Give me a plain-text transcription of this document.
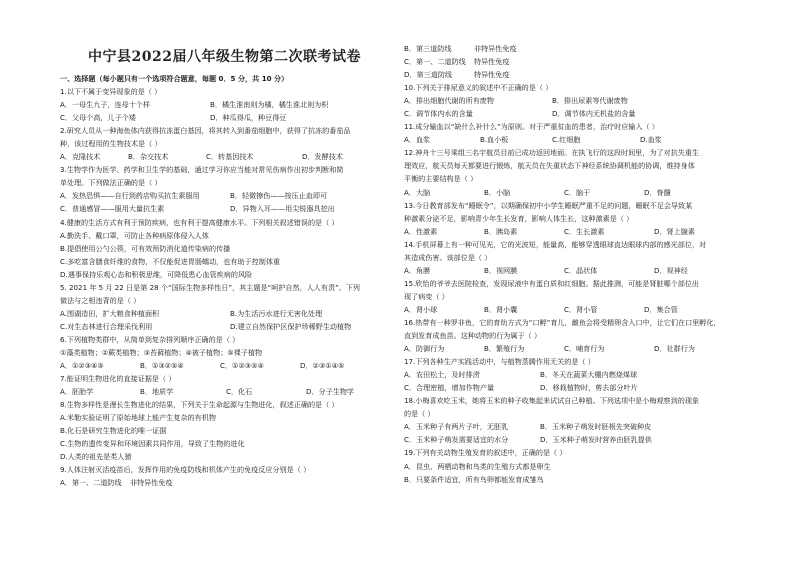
中宁县2022届八年级生物第二次联考试卷
一、选择题（每小题只有一个选项符合题意，每题 0．5 分，共 10 分）
1.以下不属于变异现象的是（ ）
A．一母生九子，连母十个样	B．橘生淮南则为橘，橘生淮北则为枳
C．父母个高，儿子个矮	D．种瓜得瓜，种豆得豆
2.研究人员从一种海鱼体内获得抗冻蛋白基因，将其转入到番茄细胞中，获得了抗冻的番茄品
种，该过程用的生物技术是（ ）
A．克隆技术	B．杂交技术	C．转基因技术	D．发酵技术
3.生物学作为医学、药学和卫生学的基础，通过学习你应当能对常见伤病作出初步判断和简
单处理。下列做法正确的是（ ）
A．发热恐惧——自行到药店购买抗生素服用	B．轻微擦伤——按压止血即可
C．普通感冒——服用大量抗生素	D．异物入耳——用尖锐器具挖出
4.健康的生活方式有利于预防疾病，也有利于提高健康水平。下列相关叙述错误的是（ ）
A.勤洗手、戴口罩，可防止各种病原体侵入人体
B.提倡使用公勺公筷，可有效预防消化道传染病的传播
C.多吃富含膳食纤维的食物，不仅能促进胃肠蠕动，也有助于控制体重
D.遇事保持乐观心态和积极思维，可降低患心血管疾病的风险
5. 2021 年 5 月 22 日是第 28 个“国际生物多样性日”，其主题是“呵护自然，人人有责”。下列
做法与之相违背的是（ ）
A.围湖造田，扩大粮食种植面积	B.为生活污水进行无害化处理
C.对生态林进行合理采伐利用	D.建立自然保护区保护珍稀野生动植物
6.下列植物类群中，从简单到复杂排列顺序正确的是（ ）
①藻类植物；②蕨类植物；③苔藓植物；④被子植物；⑤裸子植物
A．①②③④⑤	B．①③②⑤④	C．①②③⑤④	D．②③①④⑤
7.能证明生物进化的直接证据是（ ）
A．胚胎学	B．地质学	C．化石	D．分子生物学
8.生物多样性是漫长生物进化的结果，下列关于生命起源与生物进化，叙述正确的是（ ）
A.米勒实验证明了原始地球上能产生复杂的有机物
B.化石是研究生物进化的唯一证据
C.生物的遗传变异和环境因素共同作用，导致了生物的进化
D.人类的祖先是类人猿
9.人体注射灭活疫苗后，发挥作用的免疫防线和机体产生的免疫反应分别是（ ）
A．第一、二道防线	非特异性免疫
B．第三道防线	非特异性免疫
C．第一、二道防线	特异性免疫
D．第三道防线	特异性免疫
10.下列关于排尿意义的叙述中不正确的是（ ）
A．排出细胞代谢的所有废物	B．排出尿素等代谢废物
C．调节体内水的含量	D．调节体内无机盐的含量
11.成分输血以“缺什么补什么”为原则。对于严重贫血的患者，治疗时应输入（ ）
A．血浆	B.血小板	C.红细胞	D.血浆
12.神舟十三号乘组三名宇航员目前已成功返回地面。在执飞行的这段时间里，为了对抗失重生
理效应，航天员每天都要进行锻炼，航天员在失重状态下神经系统协调机能的协调，维持身体
平衡的主要结构是（ ）
A．大脑	B．小脑	C．脑干	D．脊髓
13.今日教育部发布“睡眠令”，以期确保初中小学生睡眠严重不足的问题，睡眠不足会导致某
种激素分泌不足，影响青少年生长发育，影响人体生长，这种激素是（ ）
A．性激素	B．胰岛素	C．生长激素	D．肾上腺素
14.手机屏幕上有一种可见光，它的光波短，能量高，能够穿透眼球直达眼球内部的感光部位，对
其造成伤害。该部位是（ ）
A．角膜	B．视网膜	C．晶状体	D．视神经
15.欣怡的爷爷去医院检查，发现尿液中有蛋白质和红细胞。据此推测，可能是肾脏哪个部位出
现了病变（ ）
A．肾小球	B．肾小囊	C．肾小管	D．集合管
16.热带有一种罗非鱼，它的育幼方式为“口孵”育儿，雌鱼会将受精卵含入口中，让它们在口里孵化，
直到发育成鱼苗。这种动物的行为属于（ ）
A．防御行为	B．繁殖行为	C．哺育行为	D．社群行为
17.下列各种生产实践活动中，与植物蒸腾作用无关的是（ ）
A．农田松土，及时排涝	B．冬天在蔬菜大棚内燃烧煤球
C．合理密植，增加作物产量	D．移栽植物时，剪去部分叶片
18.小梅喜欢吃玉米，她将玉米的种子收集起来试试自己种植。下列选项中是小梅观察到的现象
的是（ ）
A．玉米种子有两片子叶，无胚乳	B．玉米种子萌发时胚根先突破种皮
C．玉米种子萌发需要适宜的水分	D．玉米种子萌发时营养由胚乳提供
19.下列有关动物生殖发育的叙述中，正确的是（ ）
A．昆虫、两栖动物和鸟类的生殖方式都是卵生
B．只要条件适宜，所有鸟卵都能发育成雏鸟
